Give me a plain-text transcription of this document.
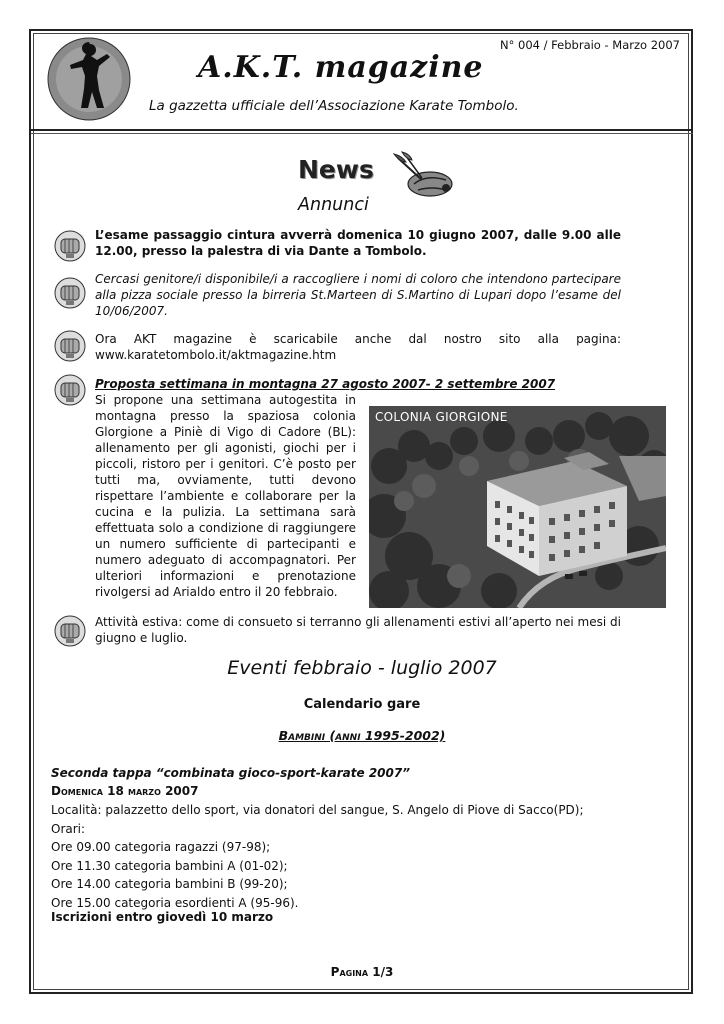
N° 004 / Febbraio - Marzo 2007
A.K.T. magazine
La gazzetta ufficiale dell’Associazione Karate Tombolo.
News
Annunci
L’esame passaggio cintura avverrà domenica 10 giugno 2007, dalle 9.00 alle 12.00, presso la palestra di via Dante a Tombolo.
Cercasi genitore/i disponibile/i a raccogliere i nomi di coloro che intendono partecipare alla pizza sociale presso la birreria St.Marteen di S.Martino di Lupari dopo l’esame del 10/06/2007.
Ora AKT magazine è scaricabile anche dal nostro sito alla pagina: www.karatetombolo.it/aktmagazine.htm
Proposta settimana in montagna 27 agosto 2007- 2 settembre 2007
Si propone una settimana autogestita in montagna presso la spaziosa colonia Glorgione a Piniè di Vigo di Cadore (BL): allenamento per gli agonisti, giochi per i piccoli, ristoro per i genitori. C’è posto per tutti ma, ovviamente, tutti devono rispettare l’ambiente e collaborare per la cucina e la pulizia. La settimana sarà effettuata solo a condizione di raggiungere un numero sufficiente di partecipanti e numero adeguato di accompagnatori. Per ulteriori informazioni e prenotazione rivolgersi ad Arialdo entro il 20 febbraio.
COLONIA GIORGIONE
Attività estiva: come di consueto si terranno gli allenamenti estivi all’aperto nei mesi di giugno e luglio.
Eventi febbraio - luglio 2007
Calendario gare
Bambini (anni 1995-2002)
Seconda tappa “combinata gioco-sport-karate 2007”
Domenica 18 marzo 2007
Località: palazzetto dello sport, via donatori del sangue, S. Angelo di Piove di Sacco(PD);
Orari:
Ore 09.00 categoria ragazzi (97-98);
Ore 11.30 categoria bambini A (01-02);
Ore 14.00 categoria bambini B (99-20);
Ore 15.00 categoria esordienti A (95-96).
Iscrizioni entro giovedì 10 marzo
Pagina 1/3
